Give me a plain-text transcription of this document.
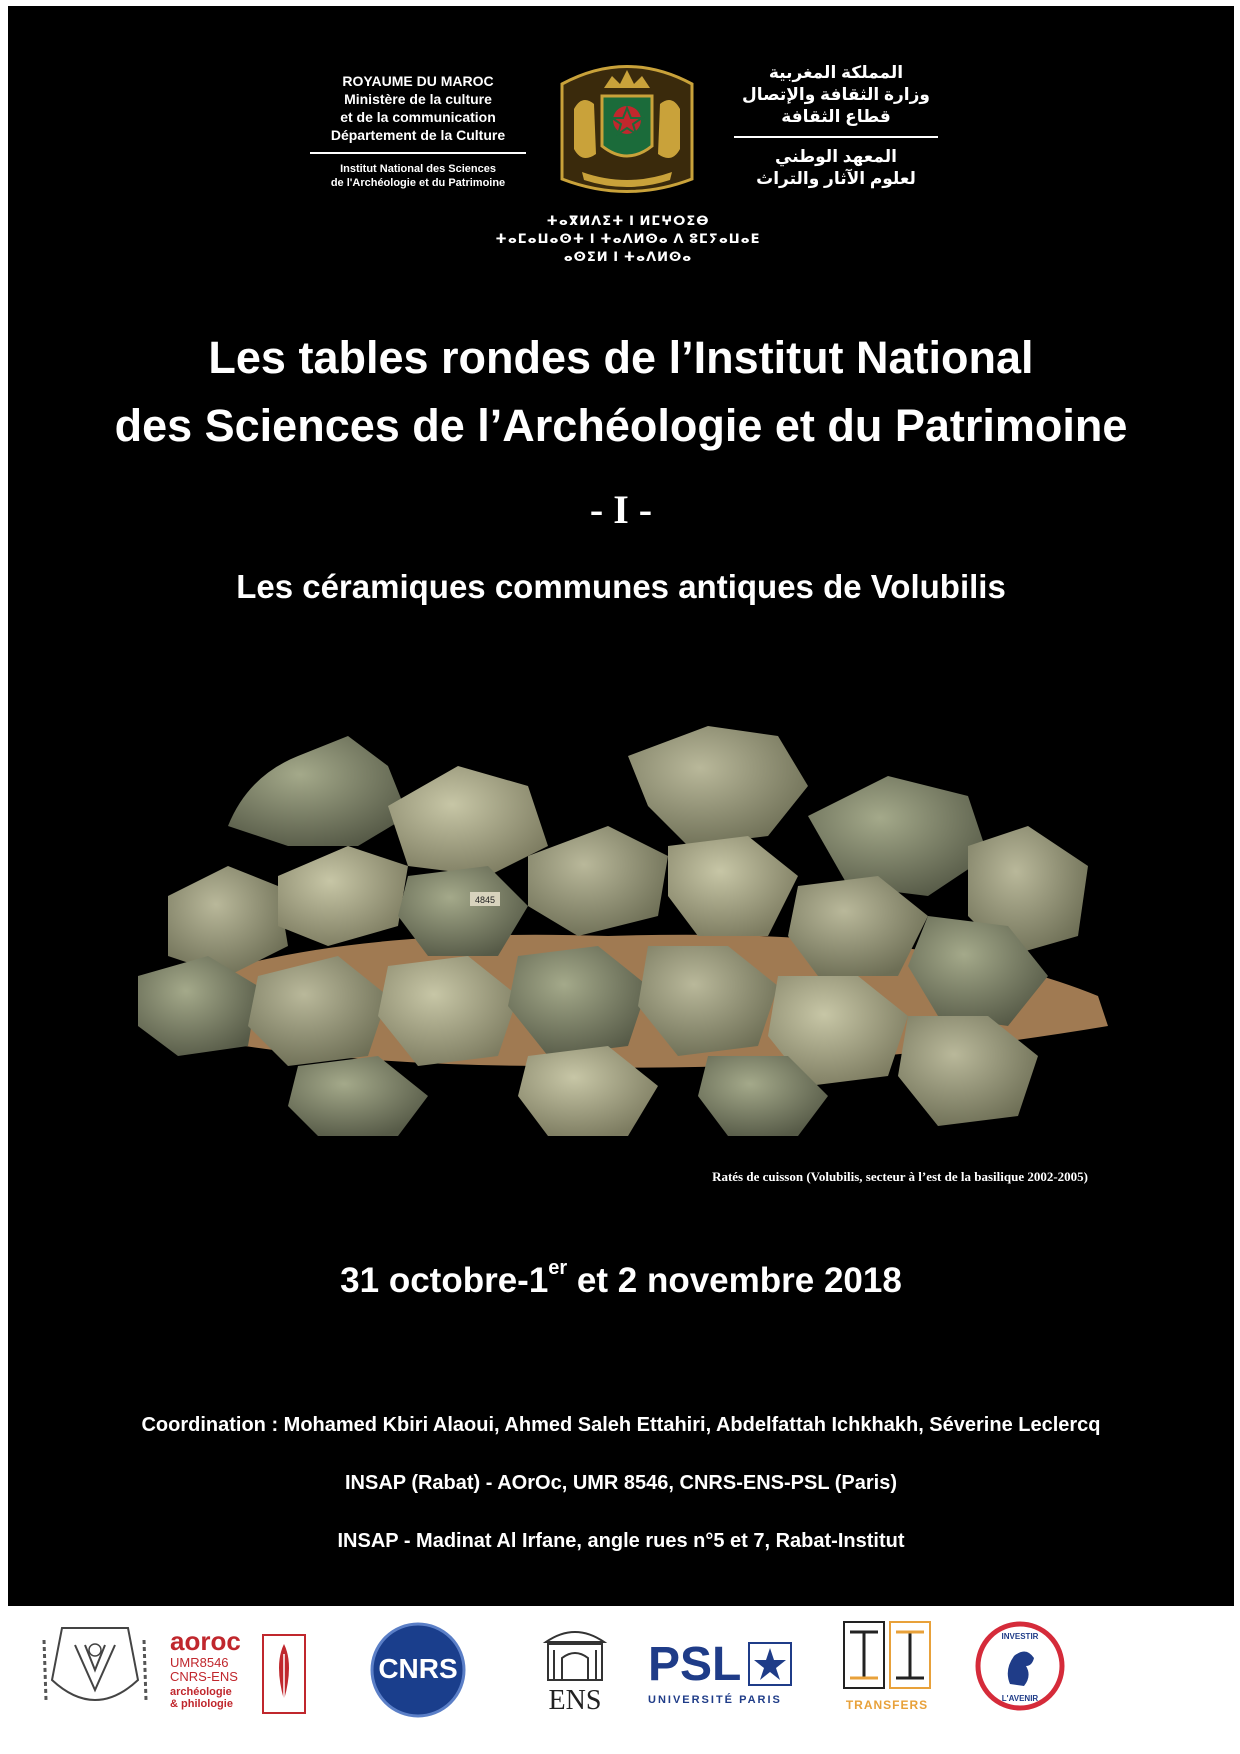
ROYAUME DU MAROC
Ministère de la culture
et de la communication
Département de la Culture
Institut National des Sciences
de l'Archéologie et du Patrimoine
المملكة المغربية
وزارة الثقافة والإتصال
قطاع الثقافة
المعهد الوطني
لعلوم الآثار والتراث
ⵜⴰⴳⵍⴷⵉⵜ ⵏ ⵍⵎⵖⵔⵉⴱ
ⵜⴰⵎⴰⵡⴰⵙⵜ ⵏ ⵜⴰⴷⵍⵙⴰ ⴷ ⵓⵎⵢⴰⵡⴰⴹ
ⴰⵙⵉⵍ ⵏ ⵜⴰⴷⵍⵙⴰ
Les tables rondes de l’Institut National
des Sciences de l’Archéologie et du Patrimoine
- I -
Les céramiques communes antiques de Volubilis
4845
Ratés de cuisson (Volubilis, secteur à l’est de la basilique 2002-2005)
31 octobre-1er et 2 novembre 2018
Coordination : Mohamed Kbiri Alaoui, Ahmed Saleh Ettahiri, Abdelfattah Ichkhakh, Séverine Leclercq
INSAP (Rabat) - AOrOc, UMR 8546, CNRS-ENS-PSL (Paris)
INSAP - Madinat Al Irfane, angle rues n°5 et 7, Rabat-Institut
aoroc
UMR8546
CNRS-ENS
archéologie
& philologie
CNRS
ENS
PSL
UNIVERSITÉ PARIS	TRANSFERS
INVESTIR
L'AVENIR
